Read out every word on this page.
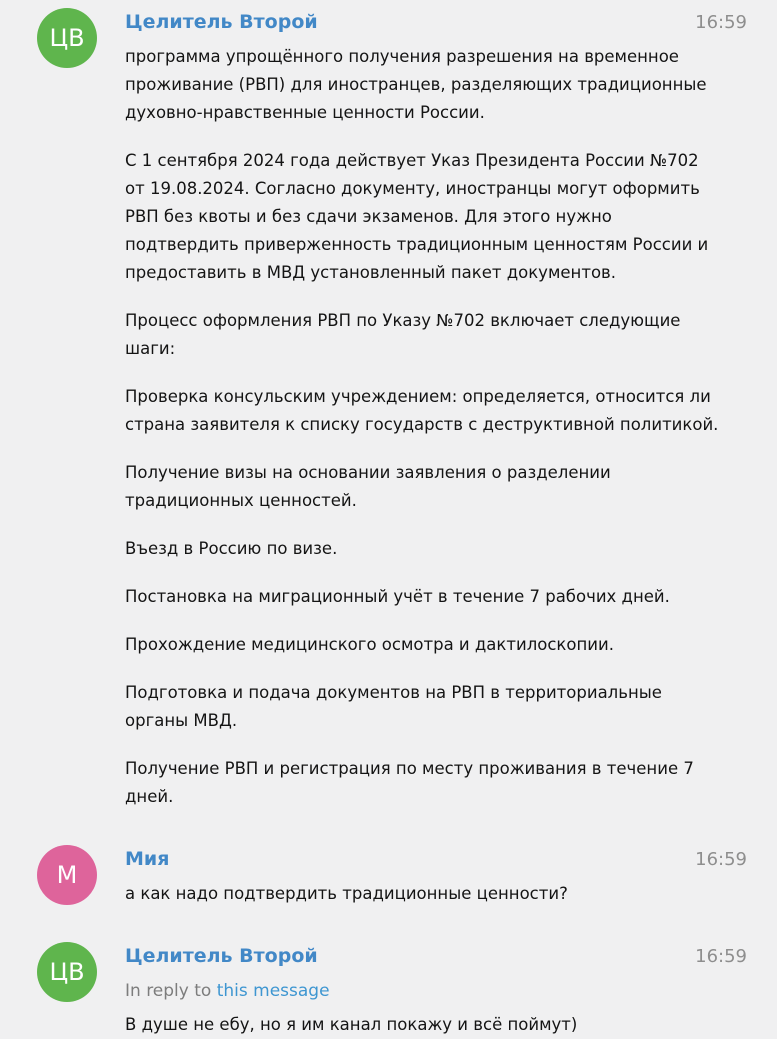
ЦВ
Целитель Второй	16:59

программа упрощённого получения разрешения на временное проживание (РВП) для иностранцев, разделяющих традиционные духовно-нравственные ценности России.

С 1 сентября 2024 года действует Указ Президента России №702 от 19.08.2024. Согласно документу, иностранцы могут оформить РВП без квоты и без сдачи экзаменов. Для этого нужно подтвердить приверженность традиционным ценностям России и предоставить в МВД установленный пакет документов.

Процесс оформления РВП по Указу №702 включает следующие шаги:

Проверка консульским учреждением: определяется, относится ли страна заявителя к списку государств с деструктивной политикой.

Получение визы на основании заявления о разделении традиционных ценностей.

Въезд в Россию по визе.

Постановка на миграционный учёт в течение 7 рабочих дней.

Прохождение медицинского осмотра и дактилоскопии.

Подготовка и подача документов на РВП в территориальные органы МВД.

Получение РВП и регистрация по месту проживания в течение 7 дней.

М
Мия	16:59

а как надо подтвердить традиционные ценности?

ЦВ
Целитель Второй	16:59
In reply to this message

В душе не ебу, но я им канал покажу и всё поймут)
